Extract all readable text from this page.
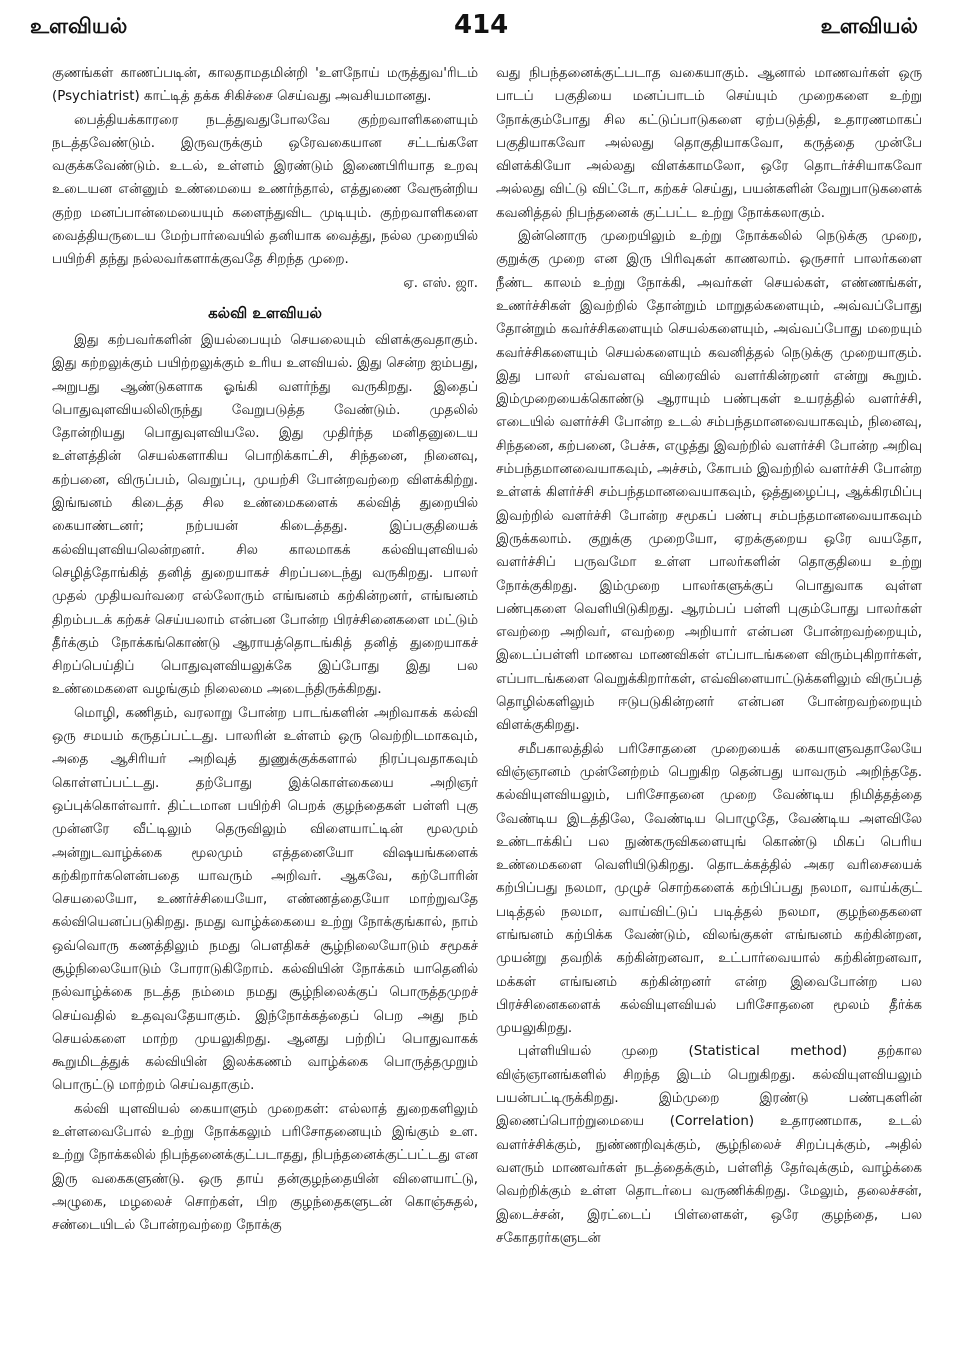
உளவியல்	414	உளவியல்

குணங்கள் காணப்படின், காலதாமதமின்றி 'உளநோய் மருத்துவ'ரிடம் (Psychiatrist) காட்டித் தக்க சிகிச்சை செய்வது அவசியமானது.

பைத்தியக்காரரை நடத்துவதுபோலவே குற்றவாளிகளையும் நடத்தவேண்டும். இருவருக்கும் ஒரேவகையான சட்டங்களே வகுக்கவேண்டும். உடல், உள்ளம் இரண்டும் இணைபிரியாத உறவு உடையன என்னும் உண்மையை உணர்ந்தால், எத்துணை வேரூன்றிய குற்ற மனப்பான்மையையும் களைந்துவிட முடியும். குற்றவாளிகளை வைத்தியருடைய மேற்பார்வையில் தனியாக வைத்து, நல்ல முறையில் பயிற்சி தந்து நல்லவர்களாக்குவதே சிறந்த முறை.

ஏ. எஸ். ஜா.

கல்வி உளவியல்

இது கற்பவர்களின் இயல்பையும் செயலையும் விளக்குவதாகும். இது கற்றலுக்கும் பயிற்றலுக்கும் உரிய உளவியல். இது சென்ற ஐம்பது, அறுபது ஆண்டுகளாக ஓங்கி வளர்ந்து வருகிறது. இதைப் பொதுவுளவியலிலிருந்து வேறுபடுத்த வேண்டும். முதலில் தோன்றியது பொதுவுளவியலே. இது முதிர்ந்த மனிதனுடைய உள்ளத்தின் செயல்களாகிய பொறிக்காட்சி, சிந்தனை, நினைவு, கற்பனை, விருப்பம், வெறுப்பு, முயற்சி போன்றவற்றை விளக்கிற்று. இங்ஙனம் கிடைத்த சில உண்மைகளைக் கல்வித் துறையில் கையாண்டனர்; நற்பயன் கிடைத்தது. இப்பகுதியைக் கல்வியுளவியலென்றனர். சில காலமாகக் கல்வியுளவியல் செழித்தோங்கித் தனித் துறையாகச் சிறப்படைந்து வருகிறது. பாலர் முதல் முதியவர்வரை எல்லோரும் எங்ஙனம் கற்கின்றனர், எங்ஙனம் திறம்படக் கற்கச் செய்யலாம் என்பன போன்ற பிரச்சினைகளை மட்டும் தீர்க்கும் நோக்கங்கொண்டு ஆராயத்தொடங்கித் தனித் துறையாகச் சிறப்பெய்திப் பொதுவுளவியலுக்கே இப்போது இது பல உண்மைகளை வழங்கும் நிலைமை அடைந்திருக்கிறது.

மொழி, கணிதம், வரலாறு போன்ற பாடங்களின் அறிவாகக் கல்வி ஒரு சமயம் கருதப்பட்டது. பாலரின் உள்ளம் ஒரு வெற்றிடமாகவும், அதை ஆசிரியர் அறிவுத் துணுக்குக்களால் நிரப்புவதாகவும் கொள்ளப்பட்டது. தற்போது இக்கொள்கையை அறிஞர் ஒப்புக்கொள்வார். திட்டமான பயிற்சி பெறக் குழந்தைகள் பள்ளி புகு முன்னரே வீட்டிலும் தெருவிலும் விளையாட்டின் மூலமும் அன்றுடவாழ்க்கை மூலமும் எத்தனையோ விஷயங்களைக் கற்கிறார்களென்பதை யாவரும் அறிவர். ஆகவே, கற்போரின் செயலையோ, உணர்ச்சியையோ, எண்ணத்தையோ மாற்றுவதே கல்வியெனப்படுகிறது. நமது வாழ்க்கையை உற்று நோக்குங்கால், நாம் ஒவ்வொரு கணத்திலும் நமது பௌதிகச் சூழ்நிலையோடும் சமூகச் சூழ்நிலையோடும் போராடுகிறோம். கல்வியின் நோக்கம் யாதெனில் நல்வாழ்க்கை நடத்த நம்மை நமது சூழ்நிலைக்குப் பொருத்தமுறச் செய்வதில் உதவுவதேயாகும். இந்நோக்கத்தைப் பெற அது நம் செயல்களை மாற்ற முயலுகிறது. ஆனது பற்றிப் பொதுவாகக் கூறுமிடத்துக் கல்வியின் இலக்கணம் வாழ்க்கை பொருத்தமுறும் பொருட்டு மாற்றம் செய்வதாகும்.

கல்வி யுளவியல் கையாளும் முறைகள்: எல்லாத் துறைகளிலும் உள்ளவைபோல் உற்று நோக்கலும் பரிசோதனையும் இங்கும் உள. உற்று நோக்கலில் நிபந்தனைக்குட்படாதது, நிபந்தனைக்குட்பட்டது என இரு வகைகளுண்டு. ஒரு தாய் தன்குழந்தையின் விளையாட்டு, அழுகை, மழலைச் சொற்கள், பிற குழந்தைகளுடன் கொஞ்சுதல், சண்டையிடல் போன்றவற்றை நோக்கு

வது நிபந்தனைக்குட்படாத வகையாகும். ஆனால் மாணவர்கள் ஒரு பாடப் பகுதியை மனப்பாடம் செய்யும் முறைகளை உற்று நோக்கும்போது சில கட்டுப்பாடுகளை ஏற்படுத்தி, உதாரணமாகப் பகுதியாகவோ அல்லது தொகுதியாகவோ, கருத்தை முன்பே விளக்கியோ அல்லது விளக்காமலோ, ஒரே தொடர்ச்சியாகவோ அல்லது விட்டு விட்டோ, கற்கச் செய்து, பயன்களின் வேறுபாடுகளைக் கவனித்தல் நிபந்தனைக் குட்பட்ட உற்று நோக்கலாகும்.

இன்னொரு முறையிலும் உற்று நோக்கலில் நெடுக்கு முறை, குறுக்கு முறை என இரு பிரிவுகள் காணலாம். ஒருசார் பாலர்களை நீண்ட காலம் உற்று நோக்கி, அவர்கள் செயல்கள், எண்ணங்கள், உணர்ச்சிகள் இவற்றில் தோன்றும் மாறுதல்களையும், அவ்வப்போது தோன்றும் கவர்ச்சிகளையும் செயல்களையும், அவ்வப்போது மறையும் கவர்ச்சிகளையும் செயல்களையும் கவனித்தல் நெடுக்கு முறையாகும். இது பாலர் எவ்வளவு விரைவில் வளர்கின்றனர் என்று கூறும். இம்முறையைக்கொண்டு ஆராயும் பண்புகள் உயரத்தில் வளர்ச்சி, எடையில் வளர்ச்சி போன்ற உடல் சம்பந்தமானவையாகவும், நினைவு, சிந்தனை, கற்பனை, பேச்சு, எழுத்து இவற்றில் வளர்ச்சி போன்ற அறிவு சம்பந்தமானவையாகவும், அச்சம், கோபம் இவற்றில் வளர்ச்சி போன்ற உள்ளக் கிளர்ச்சி சம்பந்தமானவையாகவும், ஒத்துழைப்பு, ஆக்கிரமிப்பு இவற்றில் வளர்ச்சி போன்ற சமூகப் பண்பு சம்பந்தமானவையாகவும் இருக்கலாம். குறுக்கு முறையோ, ஏறக்குறைய ஒரே வயதோ, வளர்ச்சிப் பருவமோ உள்ள பாலர்களின் தொகுதியை உற்று நோக்குகிறது. இம்முறை பாலர்களுக்குப் பொதுவாக வுள்ள பண்புகளை வெளியிடுகிறது. ஆரம்பப் பள்ளி புகும்போது பாலர்கள் எவற்றை அறிவர், எவற்றை அறியார் என்பன போன்றவற்றையும், இடைப்பள்ளி மாணவ மாணவிகள் எப்பாடங்களை விரும்புகிறார்கள், எப்பாடங்களை வெறுக்கிறார்கள், எவ்விளையாட்டுக்களிலும் விருப்பத் தொழில்களிலும் ஈடுபடுகின்றனர் என்பன போன்றவற்றையும் விளக்குகிறது.

சமீபகாலத்தில் பரிசோதனை முறையைக் கையாளுவதாலேயே விஞ்ஞானம் முன்னேற்றம் பெறுகிற தென்பது யாவரும் அறிந்ததே. கல்வியுளவியலும், பரிசோதனை முறை வேண்டிய நிமித்தத்தை வேண்டிய இடத்திலே, வேண்டிய பொழுதே, வேண்டிய அளவிலே உண்டாக்கிப் பல நுண்கருவிகளையுங் கொண்டு மிகப் பெரிய உண்மைகளை வெளியிடுகிறது. தொடக்கத்தில் அகர வரிசையைக் கற்பிப்பது நலமா, முழுச் சொற்களைக் கற்பிப்பது நலமா, வாய்க்குட் படித்தல் நலமா, வாய்விட்டுப் படித்தல் நலமா, குழந்தைகளை எங்ஙனம் கற்பிக்க வேண்டும், விலங்குகள் எங்ஙனம் கற்கின்றன, முயன்று தவறிக் கற்கின்றனவா, உட்பார்வையால் கற்கின்றனவா, மக்கள் எங்ஙனம் கற்கின்றனர் என்ற இவைபோன்ற பல பிரச்சினைகளைக் கல்வியுளவியல் பரிசோதனை மூலம் தீர்க்க முயலுகிறது.

புள்ளியியல் முறை (Statistical method) தற்கால விஞ்ஞானங்களில் சிறந்த இடம் பெறுகிறது. கல்வியுளவியலும் பயன்பட்டிருக்கிறது. இம்முறை இரண்டு பண்புகளின் இணைப்பொற்றுமையை (Correlation) உதாரணமாக, உடல் வளர்ச்சிக்கும், நுண்ணறிவுக்கும், சூழ்நிலைச் சிறப்புக்கும், அதில் வளரும் மாணவர்கள் நடத்தைக்கும், பள்ளித் தேர்வுக்கும், வாழ்க்கை வெற்றிக்கும் உள்ள தொடர்பை வருணிக்கிறது. மேலும், தலைச்சன், இடைச்சன், இரட்டைப் பிள்ளைகள், ஒரே குழந்தை, பல சகோதரர்களுடன்
